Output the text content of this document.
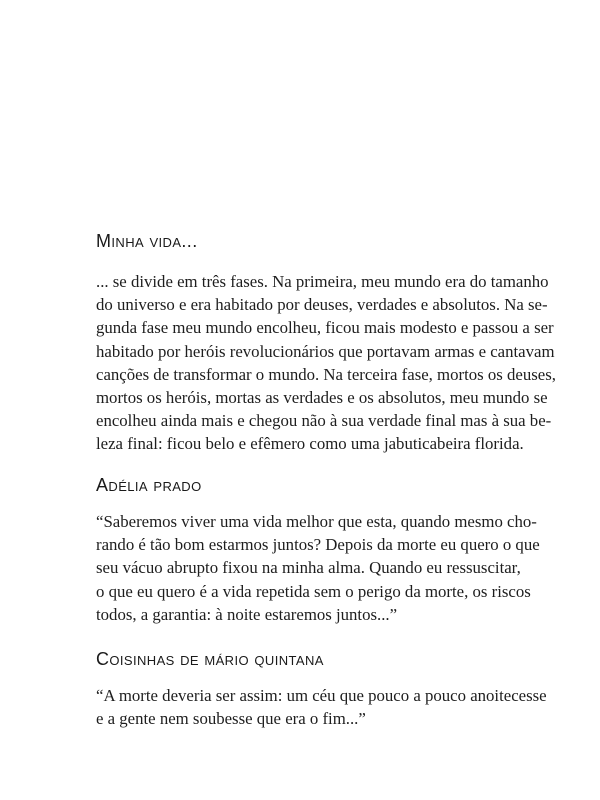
Minha vida...
... se divide em três fases. Na primeira, meu mundo era do tamanho
do universo e era habitado por deuses, verdades e absolutos. Na se-
gunda fase meu mundo encolheu, ficou mais modesto e passou a ser
habitado por heróis revolucionários que portavam armas e cantavam
canções de transformar o mundo. Na terceira fase, mortos os deuses,
mortos os heróis, mortas as verdades e os absolutos, meu mundo se
encolheu ainda mais e chegou não à sua verdade final mas à sua be-
leza final: ficou belo e efêmero como uma jabuticabeira florida.
Adélia prado
“Saberemos viver uma vida melhor que esta, quando mesmo cho-
rando é tão bom estarmos juntos? Depois da morte eu quero o que
seu vácuo abrupto fixou na minha alma. Quando eu ressuscitar,
o que eu quero é a vida repetida sem o perigo da morte, os riscos
todos, a garantia: à noite estaremos juntos...”
Coisinhas de mário quintana
“A morte deveria ser assim: um céu que pouco a pouco anoitecesse
e a gente nem soubesse que era o fim...”
